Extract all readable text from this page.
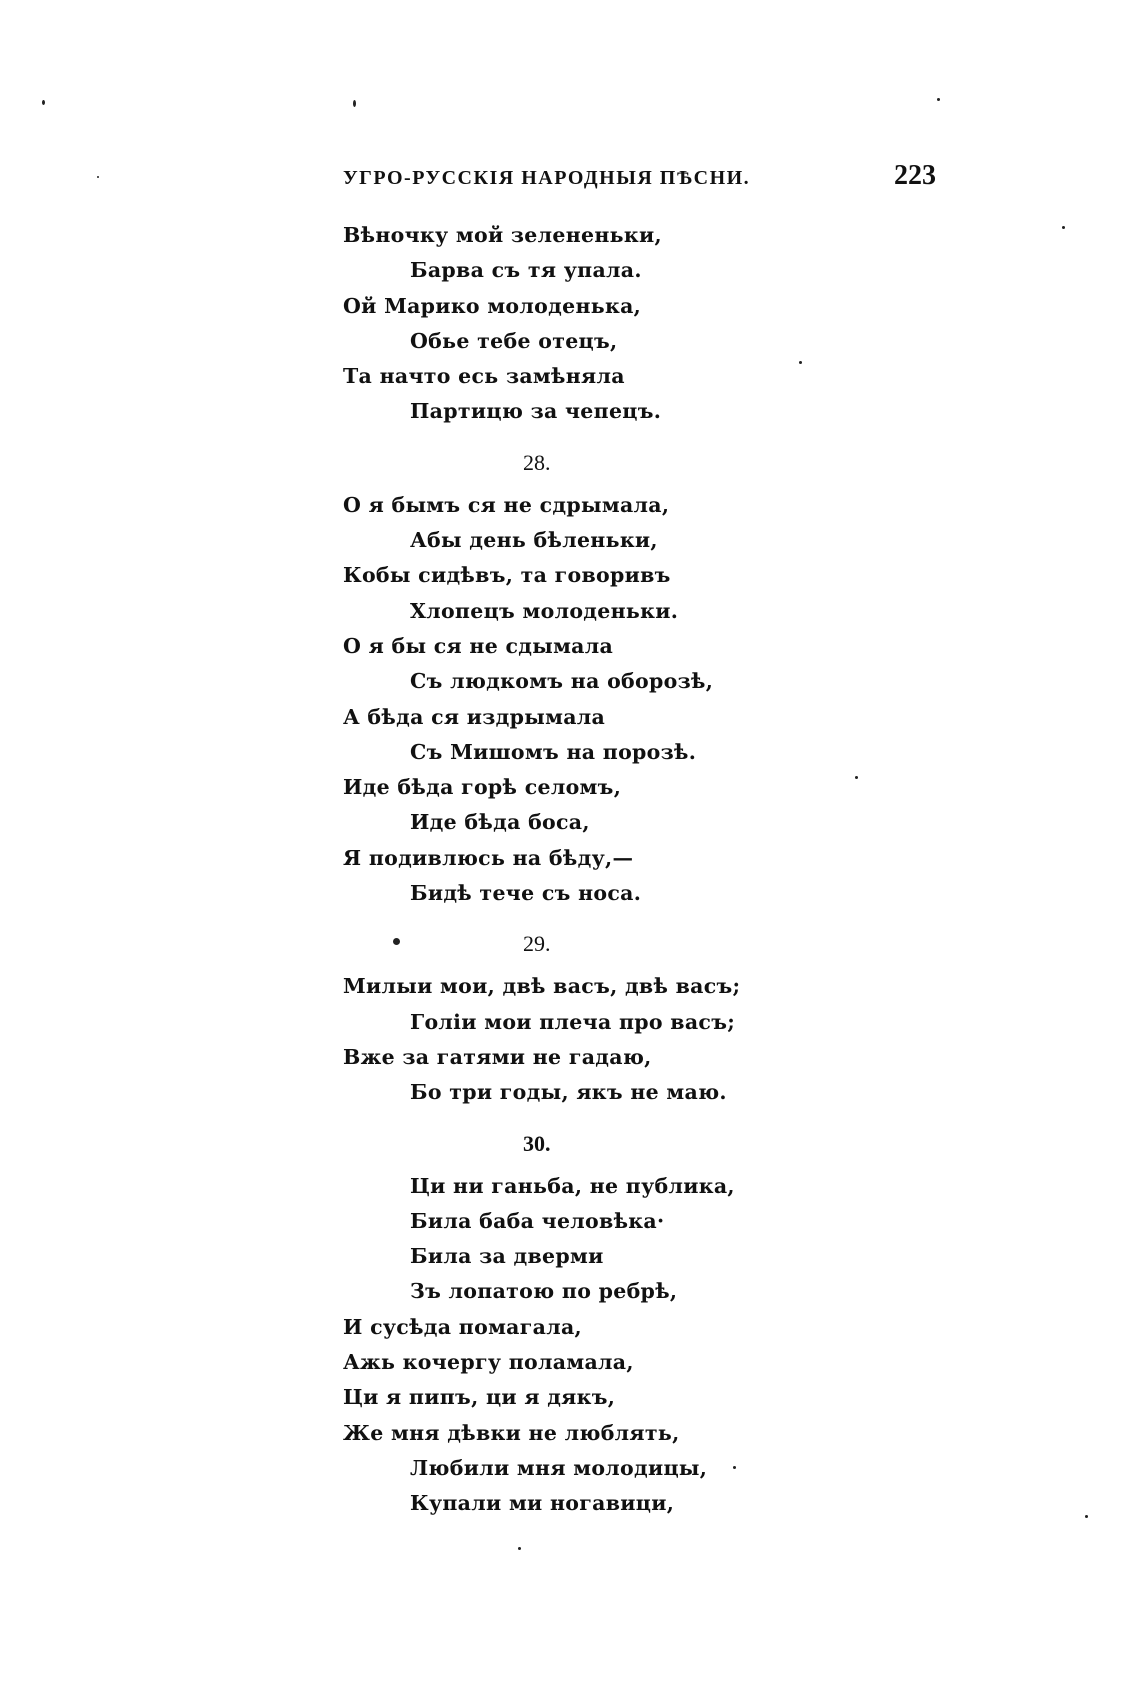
УГРО-РУССКІЯ НАРОДНЫЯ ПѢСНИ.	223
Вѣночку мой зелененьки,
Барва съ тя упала.
Ой Марико молоденька,
Обье тебе отецъ,
Та начто есь замѣняла
Партицю за чепецъ.
28.
О я бымъ ся не сдрымала,
Абы день бѣленьки,
Кобы сидѣвъ, та говоривъ
Хлопецъ молоденьки.
О я бы ся не сдымала
Съ людкомъ на оборозѣ,
А бѣда ся издрымала
Съ Мишомъ на порозѣ.
Иде бѣда горѣ селомъ,
Иде бѣда боса,
Я подивлюсь на бѣду,—
Бидѣ тече съ носа.
29.
Милыи мои, двѣ васъ, двѣ васъ;
Голіи мои плеча про васъ;
Вже за гатями не гадаю,
Бо три годы, якъ не маю.
30.
Ци ни ганьба, не публика,
Била баба человѣка·
Била за дверми
Зъ лопатою по ребрѣ,
И сусѣда помагала,
Ажь кочергу поламала,
Ци я пипъ, ци я дякъ,
Же мня дѣвки не люблять,
Любили мня молодицы,
Купали ми ногавици,
